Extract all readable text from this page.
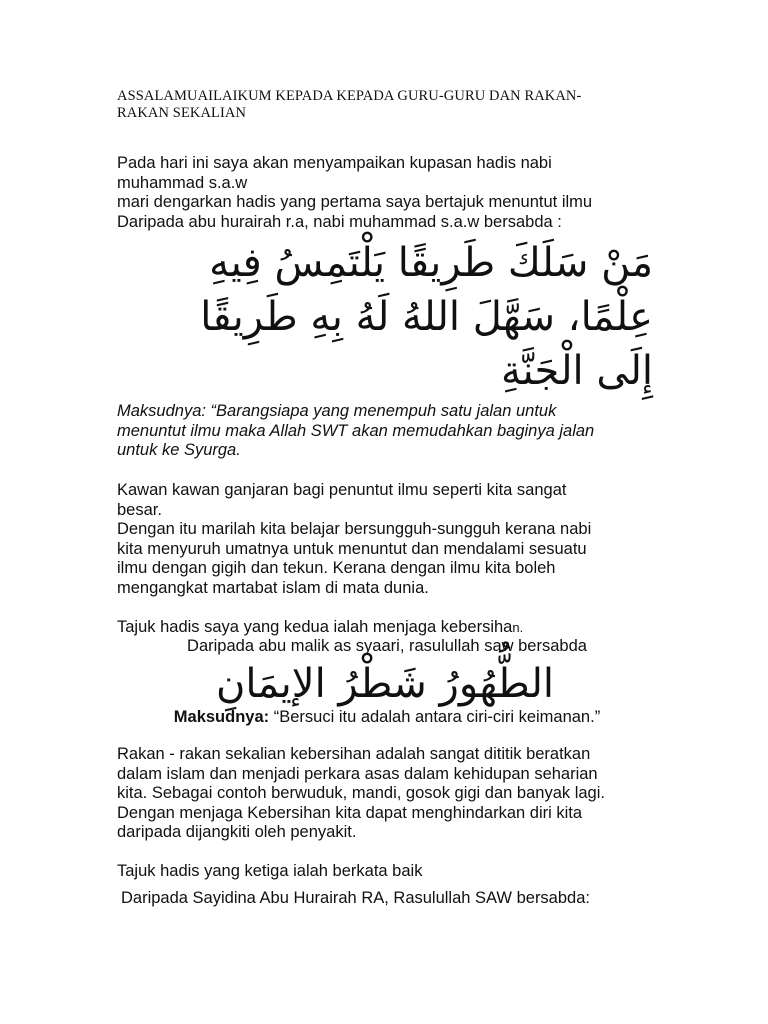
ASSALAMUAILAIKUM KEPADA KEPADA GURU-GURU DAN RAKAN-
RAKAN SEKALIAN
Pada hari ini saya akan menyampaikan kupasan hadis nabi
muhammad s.a.w
mari dengarkan hadis yang pertama saya bertajuk menuntut ilmu
Daripada abu hurairah r.a, nabi muhammad s.a.w bersabda :
مَنْ سَلَكَ طَرِيقًا يَلْتَمِسُ فِيهِ
عِلْمًا، سَهَّلَ اللهُ لَهُ بِهِ طَرِيقًا
إِلَى الْجَنَّةِ
Maksudnya: “Barangsiapa yang menempuh satu jalan untuk
menuntut ilmu maka Allah SWT akan memudahkan baginya jalan
untuk ke Syurga.
Kawan kawan ganjaran bagi penuntut ilmu seperti kita sangat
besar.
Dengan itu marilah kita belajar bersungguh-sungguh kerana nabi
kita menyuruh umatnya untuk menuntut dan mendalami sesuatu
ilmu dengan gigih dan tekun. Kerana dengan ilmu kita boleh
mengangkat martabat islam di mata dunia.
Tajuk hadis saya yang kedua ialah menjaga kebersihan.
Daripada abu malik as syaari, rasulullah saw bersabda
الطُّهُورُ شَطْرُ الإيمَانِ
Maksudnya: “Bersuci itu adalah antara ciri-ciri keimanan.”
Rakan - rakan sekalian kebersihan adalah sangat dititik beratkan
dalam islam dan menjadi perkara asas dalam kehidupan seharian
kita. Sebagai contoh berwuduk, mandi, gosok gigi dan banyak lagi.
Dengan menjaga Kebersihan kita dapat menghindarkan diri kita
daripada dijangkiti oleh penyakit.
Tajuk hadis yang ketiga ialah berkata baik
Daripada Sayidina Abu Hurairah RA, Rasulullah SAW bersabda:
